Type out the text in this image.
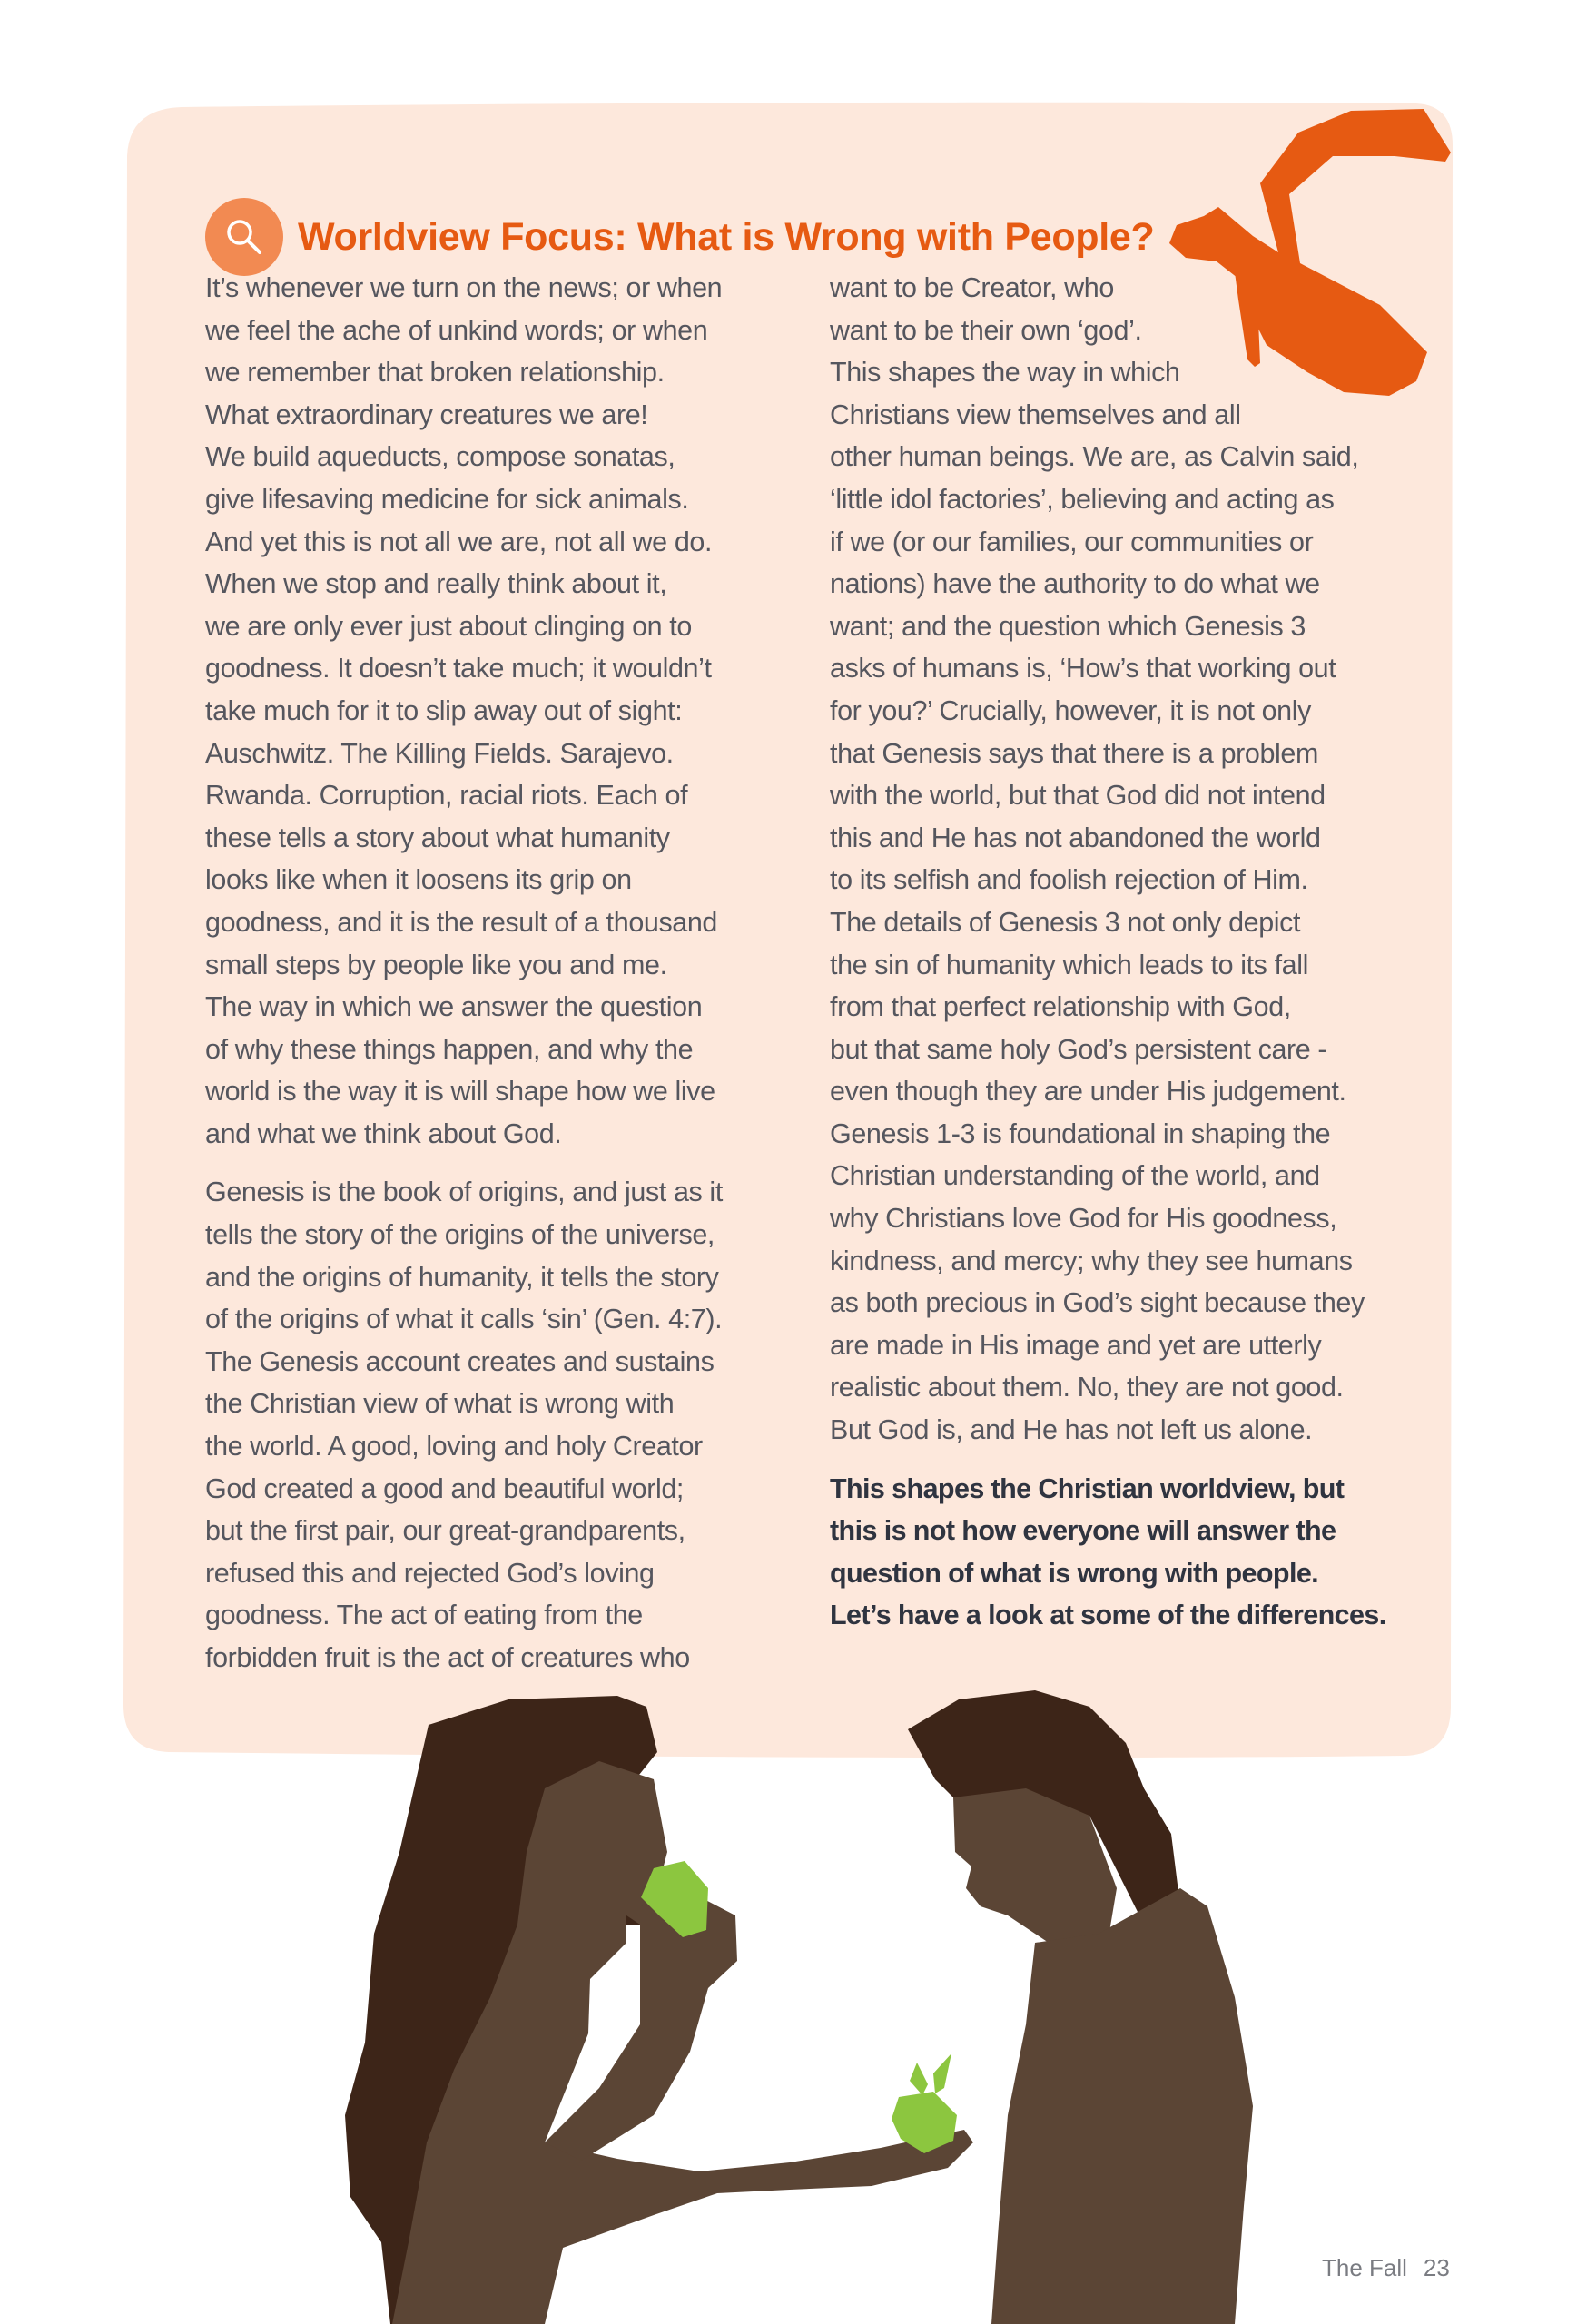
Worldview Focus: What is Wrong with People?
It’s whenever we turn on the news; or when
we feel the ache of unkind words; or when
we remember that broken relationship.
What extraordinary creatures we are!
We build aqueducts, compose sonatas,
give lifesaving medicine for sick animals.
And yet this is not all we are, not all we do.
When we stop and really think about it,
we are only ever just about clinging on to
goodness. It doesn’t take much; it wouldn’t
take much for it to slip away out of sight:
Auschwitz. The Killing Fields. Sarajevo.
Rwanda. Corruption, racial riots. Each of
these tells a story about what humanity
looks like when it loosens its grip on
goodness, and it is the result of a thousand
small steps by people like you and me.
The way in which we answer the question
of why these things happen, and why the
world is the way it is will shape how we live
and what we think about God.
Genesis is the book of origins, and just as it
tells the story of the origins of the universe,
and the origins of humanity, it tells the story
of the origins of what it calls ‘sin’ (Gen. 4:7).
The Genesis account creates and sustains
the Christian view of what is wrong with
the world. A good, loving and holy Creator
God created a good and beautiful world;
but the first pair, our great-grandparents,
refused this and rejected God’s loving
goodness. The act of eating from the
forbidden fruit is the act of creatures who
want to be Creator, who
want to be their own ‘god’.
This shapes the way in which
Christians view themselves and all
other human beings. We are, as Calvin said,
‘little idol factories’, believing and acting as
if we (or our families, our communities or
nations) have the authority to do what we
want; and the question which Genesis 3
asks of humans is, ‘How’s that working out
for you?’ Crucially, however, it is not only
that Genesis says that there is a problem
with the world, but that God did not intend
this and He has not abandoned the world
to its selfish and foolish rejection of Him.
The details of Genesis 3 not only depict
the sin of humanity which leads to its fall
from that perfect relationship with God,
but that same holy God’s persistent care -
even though they are under His judgement.
Genesis 1-3 is foundational in shaping the
Christian understanding of the world, and
why Christians love God for His goodness,
kindness, and mercy; why they see humans
as both precious in God’s sight because they
are made in His image and yet are utterly
realistic about them. No, they are not good.
But God is, and He has not left us alone.
This shapes the Christian worldview, but
this is not how everyone will answer the
question of what is wrong with people.
Let’s have a look at some of the differences.
The Fall 23
